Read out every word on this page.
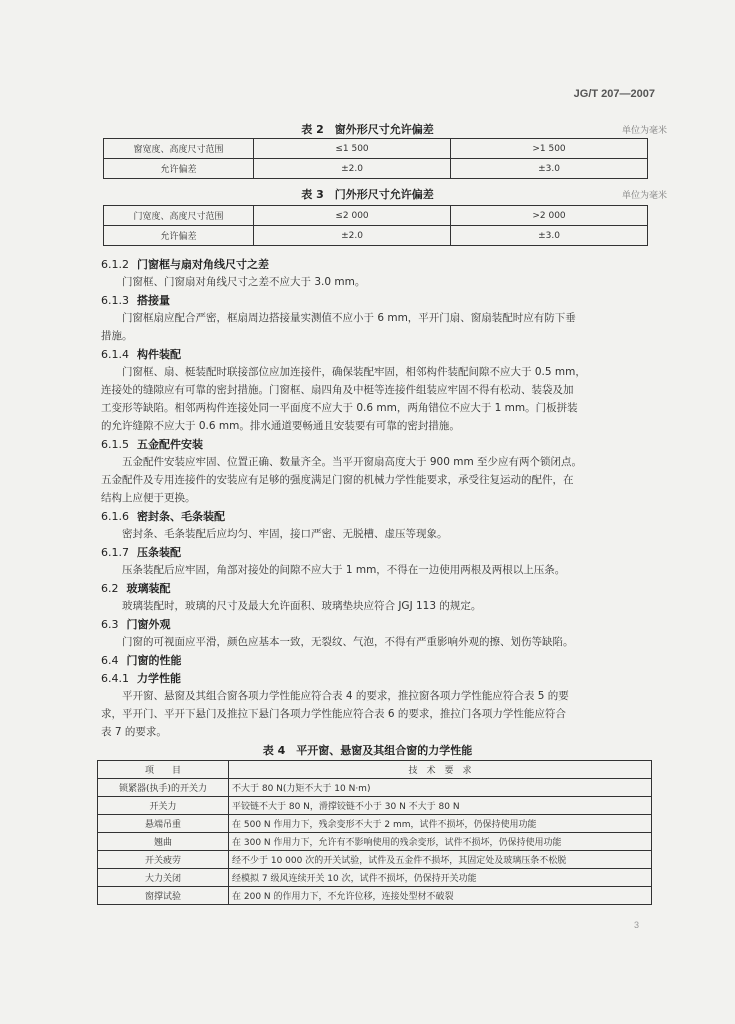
JG/T 207—2007
表 2　窗外形尺寸允许偏差	单位为毫米
窗宽度、高度尺寸范围	≤1 500	>1 500
允许偏差	±2.0	±3.0
表 3　门外形尺寸允许偏差	单位为毫米
门宽度、高度尺寸范围	≤2 000	>2 000
允许偏差	±2.0	±3.0
6.1.2 门窗框与扇对角线尺寸之差
门窗框、门窗扇对角线尺寸之差不应大于 3.0 mm。
6.1.3 搭接量
门窗框扇应配合严密，框扇周边搭接量实测值不应小于 6 mm，平开门扇、窗扇装配时应有防下垂
措施。
6.1.4 构件装配
门窗框、扇、梃装配时联接部位应加连接件，确保装配牢固，相邻构件装配间隙不应大于 0.5 mm，
连接处的缝隙应有可靠的密封措施。门窗框、扇四角及中梃等连接件组装应牢固不得有松动、装袋及加
工变形等缺陷。相邻两构件连接处同一平面度不应大于 0.6 mm，两角错位不应大于 1 mm。门板拼装
的允许缝隙不应大于 0.6 mm。排水通道要畅通且安装要有可靠的密封措施。
6.1.5 五金配件安装
五金配件安装应牢固、位置正确、数量齐全。当平开窗扇高度大于 900 mm 至少应有两个锁闭点。
五金配件及专用连接件的安装应有足够的强度满足门窗的机械力学性能要求，承受往复运动的配件，在
结构上应便于更换。
6.1.6 密封条、毛条装配
密封条、毛条装配后应均匀、牢固，接口严密、无脱槽、虚压等现象。
6.1.7 压条装配
压条装配后应牢固，角部对接处的间隙不应大于 1 mm，不得在一边使用两根及两根以上压条。
6.2 玻璃装配
玻璃装配时，玻璃的尺寸及最大允许面积、玻璃垫块应符合 JGJ 113 的规定。
6.3 门窗外观
门窗的可视面应平滑，颜色应基本一致，无裂纹、气泡，不得有严重影响外观的擦、划伤等缺陷。
6.4 门窗的性能
6.4.1 力学性能
平开窗、悬窗及其组合窗各项力学性能应符合表 4 的要求，推拉窗各项力学性能应符合表 5 的要
求，平开门、平开下悬门及推拉下悬门各项力学性能应符合表 6 的要求，推拉门各项力学性能应符合
表 7 的要求。
表 4　平开窗、悬窗及其组合窗的力学性能
项　　目	技　术　要　求
锁紧器(执手)的开关力	不大于 80 N(力矩不大于 10 N·m)
开关力	平铰链不大于 80 N，滑撑铰链不小于 30 N 不大于 80 N
悬端吊重	在 500 N 作用力下，残余变形不大于 2 mm，试件不损坏，仍保持使用功能
翘曲	在 300 N 作用力下，允许有不影响使用的残余变形，试件不损坏，仍保持使用功能
开关疲劳	经不少于 10 000 次的开关试验，试件及五金件不损坏，其固定处及玻璃压条不松脱
大力关闭	经模拟 7 级风连续开关 10 次，试件不损坏，仍保持开关功能
窗撑试验	在 200 N 的作用力下，不允许位移，连接处型材不破裂
3
